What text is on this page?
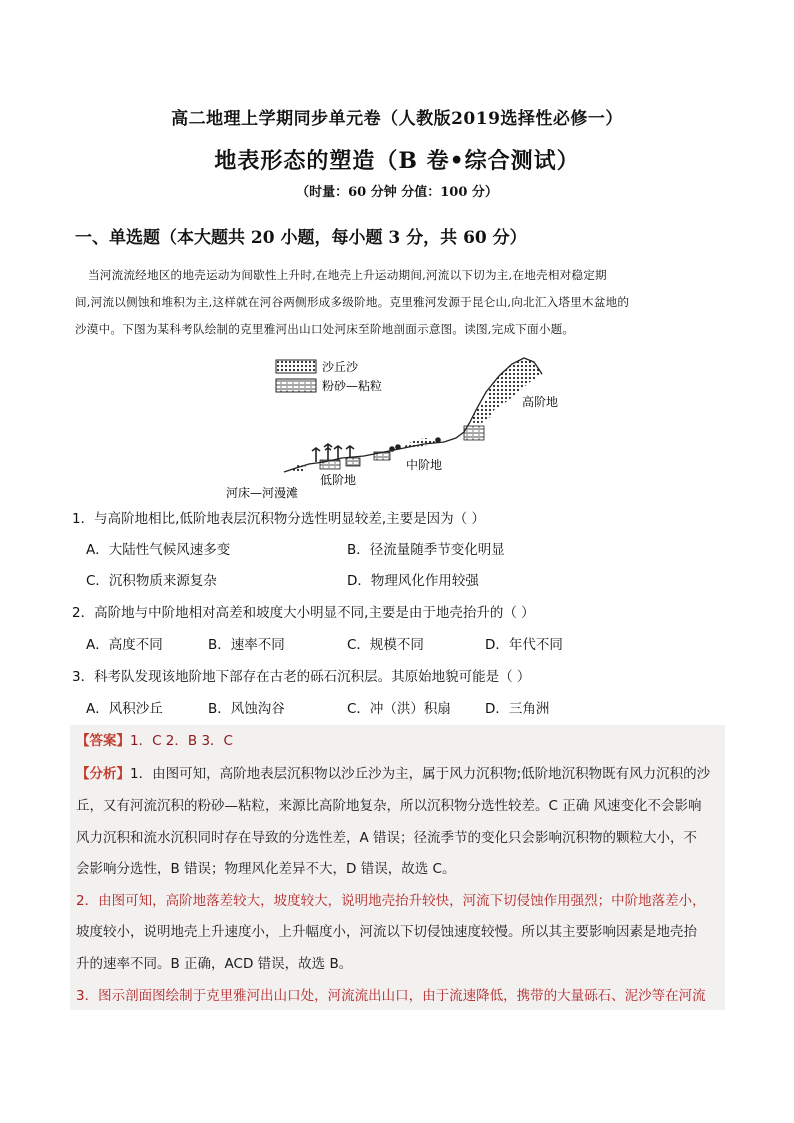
高二地理上学期同步单元卷（人教版2019选择性必修一）
地表形态的塑造（B 卷•综合测试）
（时量：60 分钟 分值：100 分）
一、单选题（本大题共 20 小题，每小题 3 分，共 60 分）

当河流流经地区的地壳运动为间歇性上升时,在地壳上升运动期间,河流以下切为主,在地壳相对稳定期

间,河流以侧蚀和堆积为主,这样就在河谷两侧形成多级阶地。克里雅河发源于昆仑山,向北汇入塔里木盆地的

沙漠中。下图为某科考队绘制的克里雅河出山口处河床至阶地剖面示意图。读图,完成下面小题。

沙丘沙
粉砂—粘粒
高阶地
中阶地
低阶地
河床—河漫滩
1．与高阶地相比,低阶地表层沉积物分选性明显较差,主要是因为（ ）
A．大陆性气候风速多变	B．径流量随季节变化明显
C．沉积物质来源复杂	D．物理风化作用较强
2．高阶地与中阶地相对高差和坡度大小明显不同,主要是由于地壳抬升的（ ）
A．高度不同	B．速率不同	C．规模不同	D．年代不同
3．科考队发现该地阶地下部存在古老的砾石沉积层。其原始地貌可能是（ ）
A．风积沙丘	B．风蚀沟谷	C．冲（洪）积扇	D．三角洲
【答案】1．C 2．B 3．C
【分析】1．由图可知，高阶地表层沉积物以沙丘沙为主，属于风力沉积物;低阶地沉积物既有风力沉积的沙
丘，又有河流沉积的粉砂—粘粒，来源比高阶地复杂，所以沉积物分选性较差。C 正确 风速变化不会影响
风力沉积和流水沉积同时存在导致的分选性差，A 错误；径流季节的变化只会影响沉积物的颗粒大小，不
会影响分选性，B 错误；物理风化差异不大，D 错误，故选 C。
2．由图可知，高阶地落差较大，坡度较大，说明地壳抬升较快，河流下切侵蚀作用强烈；中阶地落差小，
坡度较小，说明地壳上升速度小，上升幅度小，河流以下切侵蚀速度较慢。所以其主要影响因素是地壳抬
升的速率不同。B 正确，ACD 错误，故选 B。
3．图示剖面图绘制于克里雅河出山口处，河流流出山口，由于流速降低，携带的大量砾石、泥沙等在河流
